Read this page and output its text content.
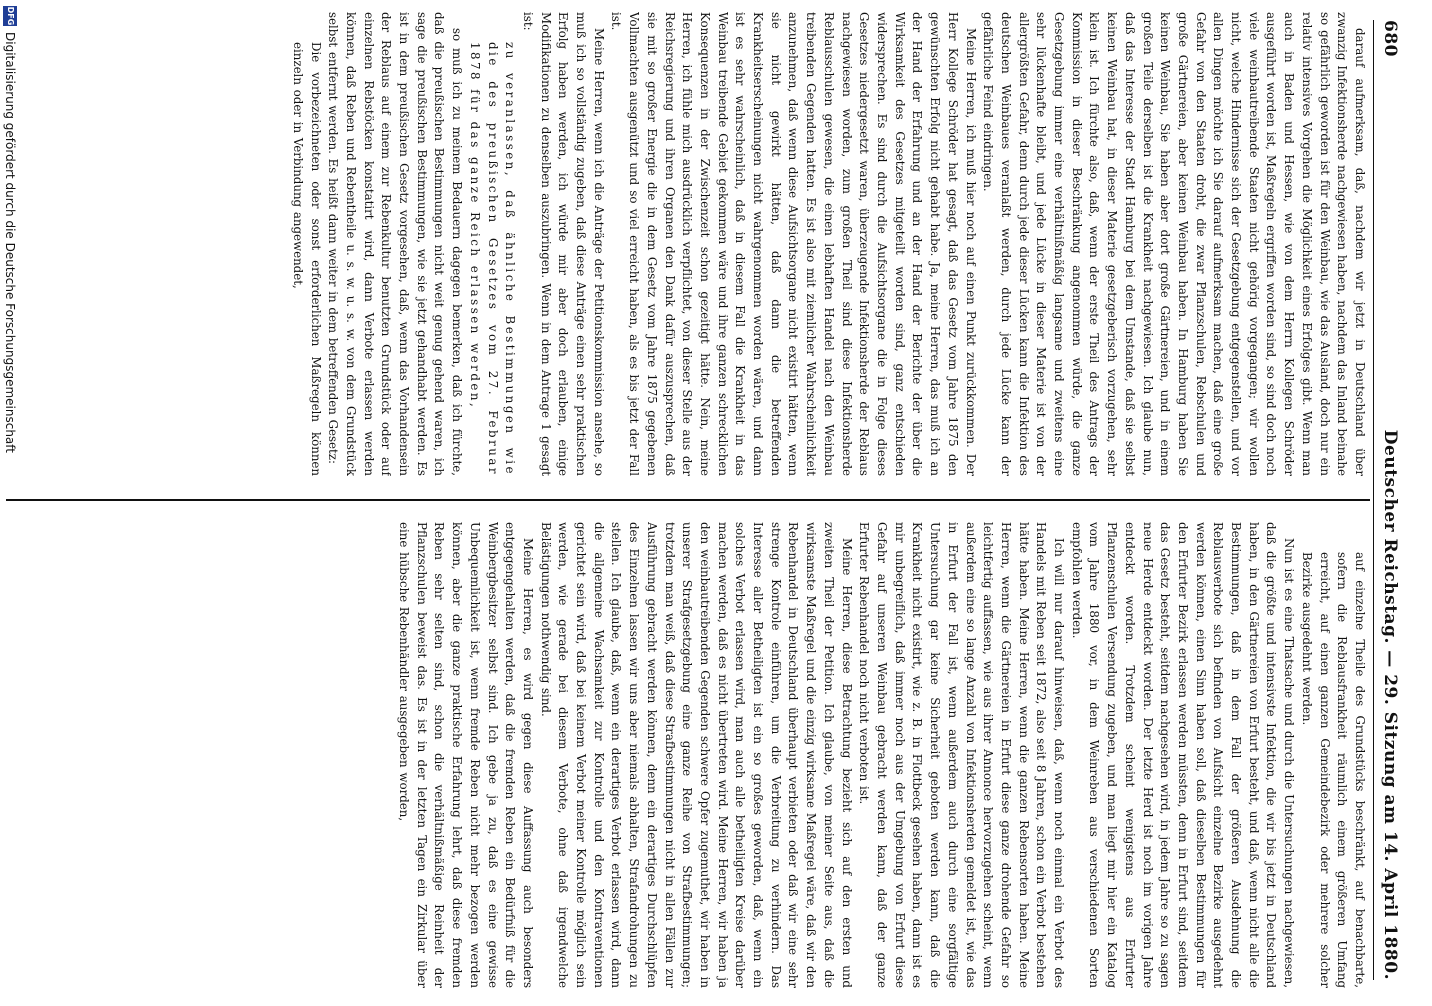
680
Deutscher Reichstag. — 29. Sitzung am 14. April 1880.

darauf aufmerksam, daß, nachdem wir jetzt in Deutschland über zwanzig Infektionsherde nachgewiesen haben, nachdem das Inland beinahe so gefährlich geworden ist für den Weinbau, wie das Ausland, doch nur ein relativ intensives Vorgehen die Möglichkeit eines Erfolges gibt. Wenn man auch in Baden und Hessen, wie von dem Herrn Kollegen Schröder ausgeführt worden ist, Maßregeln ergriffen worden sind, so sind doch noch viele weinbautreibende Staaten nicht gehörig vorgegangen; wir wollen nicht, welche Hindernisse sich der Gesetzgebung entgegenstellen, und vor allen Dingen möchte ich Sie darauf aufmerksam machen, daß eine große Gefahr von den Staaten droht, die zwar Pflanzschulen, Rebschulen und große Gärtnereien, aber keinen Weinbau haben. In Hamburg haben Sie keinen Weinbau, Sie haben aber dort große Gärtnereien, und in einem großen Teile derselben ist die Krankheit nachgewiesen. Ich glaube nun, daß das Interesse der Stadt Hamburg bei dem Umstande, daß sie selbst keinen Weinbau hat, in dieser Materie gesetzgeberisch vorzugehen, sehr klein ist. Ich fürchte also, daß, wenn der erste Theil des Antrags der Kommission in dieser Beschränkung angenommen würde, die ganze Gesetzgebung immer eine verhältnißmäßig langsame und zweitens eine sehr lückenhafte bleibt, und jede Lücke in dieser Materie ist von der allergrößten Gefahr, denn durch jede dieser Lücken kann die Infektion des deutschen Weinbaues veranlaßt werden, durch jede Lücke kann der gefährliche Feind eindringen.

Meine Herren, ich muß hier noch auf einen Punkt zurückkommen. Der Herr Kollege Schröder hat gesagt, daß das Gesetz vom Jahre 1875 den gewünschten Erfolg nicht gehabt habe. Ja, meine Herren, das muß ich an der Hand der Erfahrung und an der Hand der Berichte der über die Wirksamkeit des Gesetzes mitgeteilt worden sind, ganz entschieden widersprechen. Es sind durch die Aufsichtsorgane die in Folge dieses Gesetzes niedergesetzt waren, überzeugende Infektionsherde der Reblaus nachgewiesen worden, zum großen Theil sind diese Infektionsherde Reblausschulen gewesen, die einen lebhaften Handel nach den Weinbau treibenden Gegenden hatten. Es ist also mit ziemlicher Wahrscheinlichkeit anzunehmen, daß wenn diese Aufsichtsorgane nicht existirt hätten, wenn sie nicht gewirkt hätten, daß dann die betreffenden Krankheitserscheinungen nicht wahrgenommen worden wären, und dann ist es sehr wahrscheinlich, daß in diesem Fall die Krankheit in das Weinbau treibende Gebiet gekommen wäre und ihre ganzen schrecklichen Konsequenzen in der Zwischenzeit schon gezeitigt hätte. Nein, meine Herren, ich fühle mich ausdrücklich verpflichtet, von dieser Stelle aus der Reichsregierung und ihren Organen den Dank dafür auszusprechen, daß sie mit so großer Energie die in dem Gesetz vom Jahre 1875 gegebenen Vollmachten ausgenützt und so viel erreicht haben, als es bis jetzt der Fall ist.

Meine Herren, wenn ich die Anträge der Petitionskommission ansehe, so muß ich so vollständig zugeben, daß diese Anträge einen sehr praktischen Erfolg haben werden, ich würde mir aber doch erlauben, einige Modifikationen zu denselben auszubringen. Wenn in dem Antrage 1 gesagt ist:

zu veranlassen, daß ähnliche Bestimmungen wie die des preußischen Gesetzes vom 27. Februar 1878 für das ganze Reich erlassen werden,

so muß ich zu meinem Bedauern dagegen bemerken, daß ich fürchte, daß die preußischen Bestimmungen nicht weit genug gehend waren, ich sage die preußischen Bestimmungen, wie sie jetzt gehandhabt werden. Es ist in dem preußischen Gesetz vorgesehen, daß, wenn das Vorhandensein der Reblaus auf einem zur Rebenkultur benutzten Grundstück oder auf einzelnen Rebstöcken konstatirt wird, dann Verbote erlassen werden können, daß Reben und Rebentheile u. s. w. u. s. w. von dem Grundstück selbst entfernt werden. Es heißt dann weiter in dem betreffenden Gesetz:

Die vorbezeichneten oder sonst erforderlichen Maßregeln können einzeln oder in Verbindung angewendet,

auf einzelne Theile des Grundstücks beschränkt, auf benachbarte, sofern die Reblausfrankheit räumlich einem größeren Umfang erreicht, auf einen ganzen Gemeindebezirk oder mehrere solcher Bezirke ausgedehnt werden.

Nun ist es eine Thatsache und durch die Untersuchungen nachgewiesen, daß die größte und intensivste Infektion, die wir bis jetzt in Deutschland haben, in den Gärtnereien von Erfurt besteht, und daß, wenn nicht alle die Bestimmungen, daß in dem Fall der größeren Ausdehnung die Reblausverbote sich befinden von Aufsicht einzelne Bezirke ausgedehnt werden können, einen Sinn haben soll, daß dieselben Bestimmungen für den Erfurter Bezirk erlassen werden müssten, denn in Erfurt sind, seitdem das Gesetz besteht, seitdem nachgesehen wird, in jedem Jahre so zu sagen neue Herde entdeckt worden. Der letzte Herd ist noch im vorigen Jahre entdeckt worden. Trotzdem scheint wenigstens aus Erfurter Pflanzenschulen Versendung zugeben, und man liegt mir hier ein Katalog vom Jahre 1880 vor, in dem Weinreben aus verschiedenen Sorten empfohlen werden.

Ich will nur darauf hinweisen, daß, wenn noch einmal ein Verbot des Handels mit Reben seit 1872, also seit 8 Jahren, schon ein Verbot bestehen hätte haben. Meine Herren, wenn die ganzen Rebensorten haben. Meine Herren, wenn die Gärtnereien in Erfurt diese ganze drohende Gefahr so leichtfertig auffassen, wie aus ihrer Annonce hervorzugehen scheint, wenn außerdem eine so lange Anzahl von Infektionsherden gemeldet ist, wie das in Erfurt der Fall ist, wenn außerdem auch durch eine sorgfältige Untersuchung gar keine Sicherheit geboten werden kann, daß die Krankheit nicht existirt, wie z. B. in Flottbeck gesehen haben, dann ist es mir unbegreiflich, daß immer noch aus der Umgebung von Erfurt diese Gefahr auf unseren Weinbau gebracht werden kann, daß der ganze Erfurter Rebenhandel noch nicht verboten ist.

Meine Herren, diese Betrachtung bezieht sich auf den ersten und zweiten Theil der Petition. Ich glaube, von meiner Seite aus, daß die wirksamste Maßregel und die einzig wirksame Maßregel wäre, daß wir den Rebenhandel in Deutschland überhaupt verbieten oder daß wir eine sehr strenge Kontrole einführen, um die Verbreitung zu verhindern. Das Interesse aller Betheiligten ist ein so großes geworden, daß, wenn ein solches Verbot erlassen wird, man auch alle betheiligten Kreise darüber machen werden, daß es nicht übertreten wird. Meine Herren, wir haben ja den weinbautreibenden Gegenden schwere Opfer zugemuthet, wir haben in unserer Strafgesetzgebung eine ganze Reihe von Strafbestimmungen; trotzdem man weiß, daß diese Strafbestimmungen nicht in allen Fällen zur Ausführung gebracht werden können, denn ein derartiges Durchschlüpfen des Einzelnen lassen wir uns aber niemals abhalten, Strafandrohungen zu stellen. Ich glaube, daß, wenn ein derartiges Verbot erlassen wird, dann die allgemeine Wachsamkeit zur Kontrolle und den Kontraventionen gerichtet sein wird, daß bei keinem Verbot meiner Kontrolle möglich sein werden, wie gerade bei diesem Verbote, ohne daß irgendwelche Belästigungen nothwendig sind.

Meine Herren, es wird gegen diese Auffassung auch besonders entgegengehalten werden, daß die fremden Reben ein Bedürfniß für die Weinbergbesitzer selbst sind. Ich gebe ja zu, daß es eine gewisse Unbequemlichkeit ist, wenn fremde Reben nicht mehr bezogen werden können, aber die ganze praktische Erfahrung lehrt, daß diese fremden Reben sehr selten sind, schon die verhältnißmäßige Reinheit der Pflanzschulen beweist das. Es ist in der letzten Tagen ein Zirkular über eine hübsche Rebenhändler ausgegeben worden,

DFG
Digitalisierung gefördert durch die Deutsche Forschungsgemeinschaft
